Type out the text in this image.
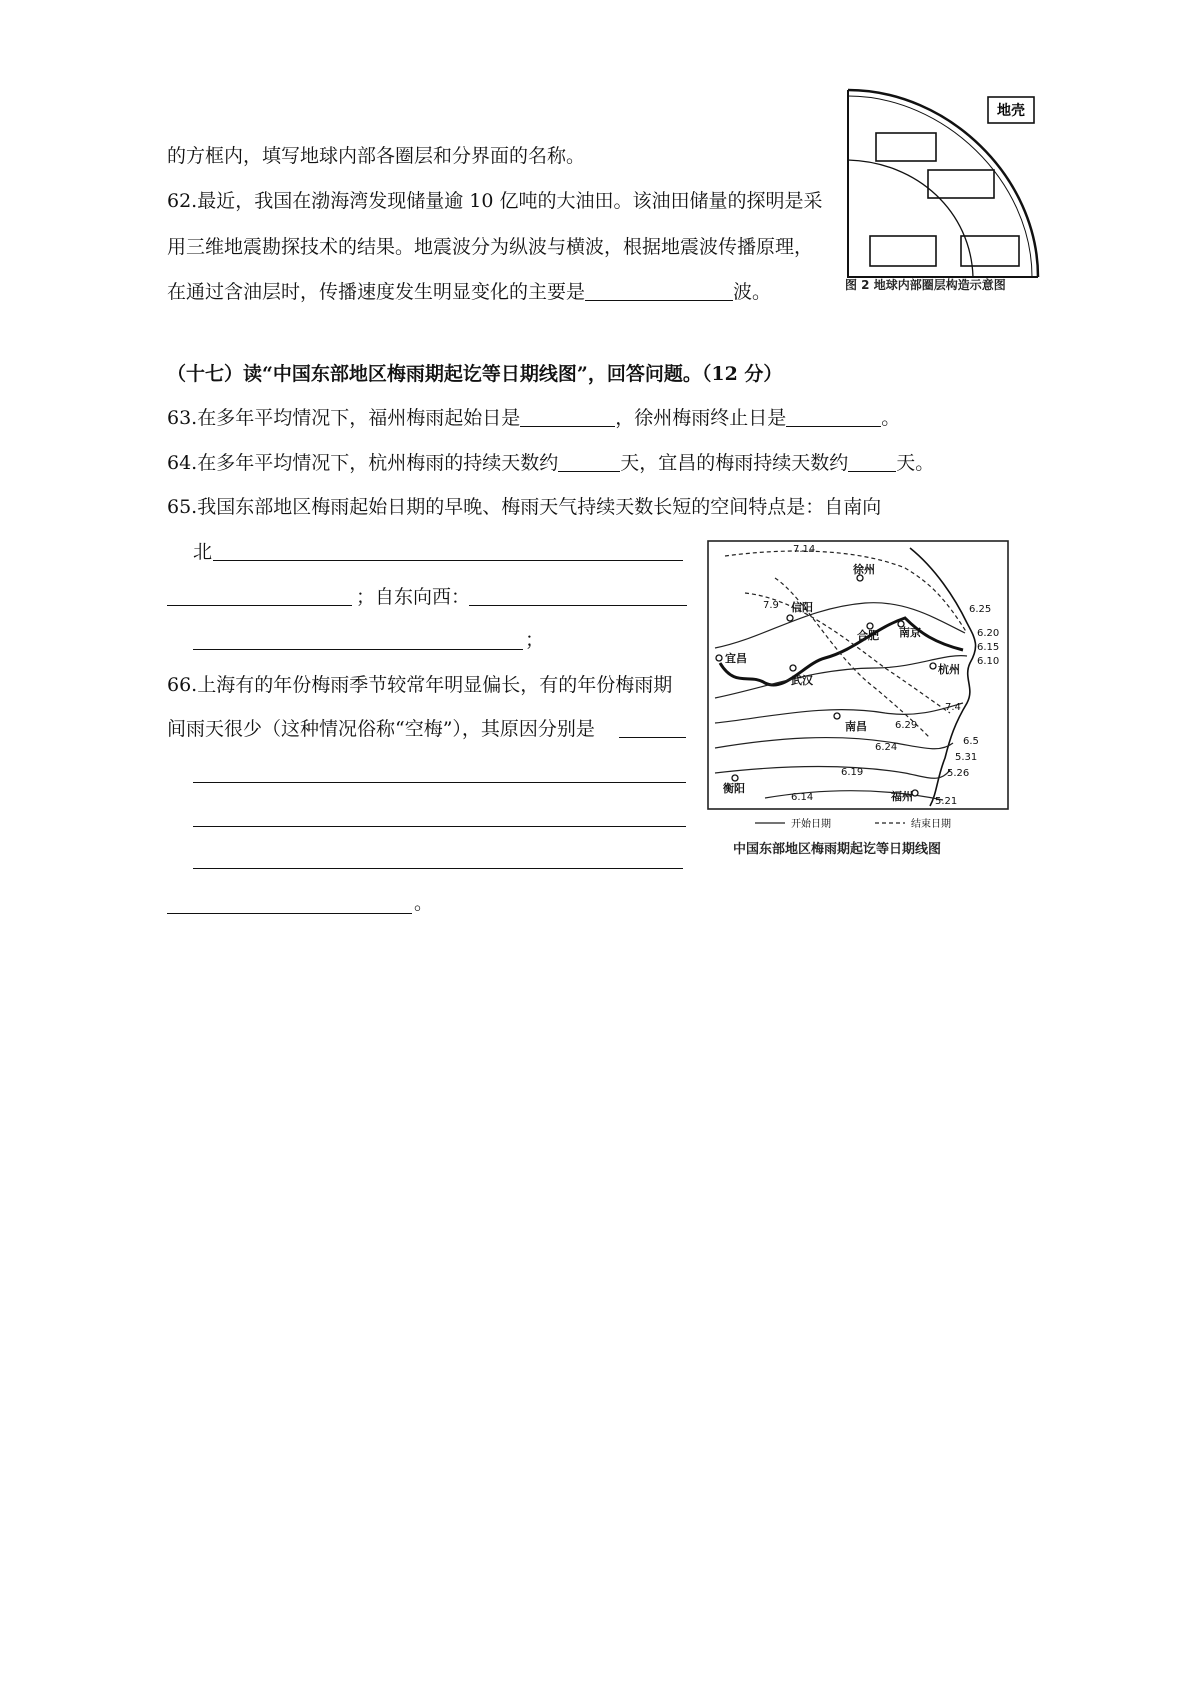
的方框内，填写地球内部各圈层和分界面的名称。
62.最近，我国在渤海湾发现储量逾 10 亿吨的大油田。该油田储量的探明是采
用三维地震勘探技术的结果。地震波分为纵波与横波，根据地震波传播原理，
在通过含油层时，传播速度发生明显变化的主要是	波。
地壳
图 2 地球内部圈层构造示意图
（十七）读“中国东部地区梅雨期起讫等日期线图”，回答问题。（12 分）
63.在多年平均情况下，福州梅雨起始日是	，徐州梅雨终止日是	。
64.在多年平均情况下，杭州梅雨的持续天数约	天，宜昌的梅雨持续天数约	天。
65.我国东部地区梅雨起始日期的早晚、梅雨天气持续天数长短的空间特点是：自南向
北
；自东向西：
；
66.上海有的年份梅雨季节较常年明显偏长，有的年份梅雨期
间雨天很少（这种情况俗称“空梅”），其原因分别是
。
徐州
信阳
合肥 南京
宜昌
武汉
杭州
南昌
衡阳
福州
7.14
7.9	6.25
6.20
6.15
6.10
7.4
6.29
6.24
6.19
6.14
6.5
5.31
5.26
5.21
开始日期	结束日期
中国东部地区梅雨期起讫等日期线图
